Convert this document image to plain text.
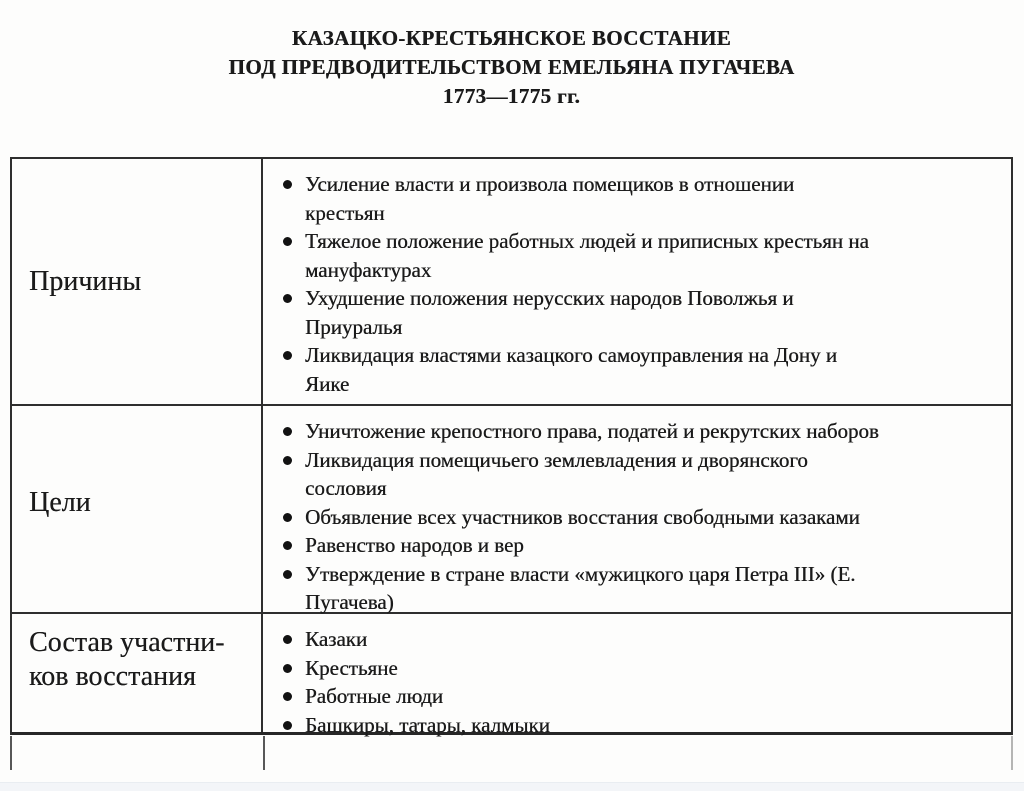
КАЗАЦКО-КРЕСТЬЯНСКОЕ ВОССТАНИЕ
ПОД ПРЕДВОДИТЕЛЬСТВОМ ЕМЕЛЬЯНА ПУГАЧЕВА
1773—1775 гг.
Причины
Усиление власти и произвола помещиков в отношении крестьян
Тяжелое положение работных людей и приписных крестьян на мануфактурах
Ухудшение положения нерусских народов Поволжья и Приуралья
Ликвидация властями казацкого самоуправления на Дону и Яике
Цели
Уничтожение крепостного права, податей и рекрутских наборов
Ликвидация помещичьего землевладения и дворянского сословия
Объявление всех участников восстания свободными казаками
Равенство народов и вер
Утверждение в стране власти «мужицкого царя Петра III» (Е. Пугачева)
Состав участни-
ков восстания
Казаки
Крестьяне
Работные люди
Башкиры, татары, калмыки
